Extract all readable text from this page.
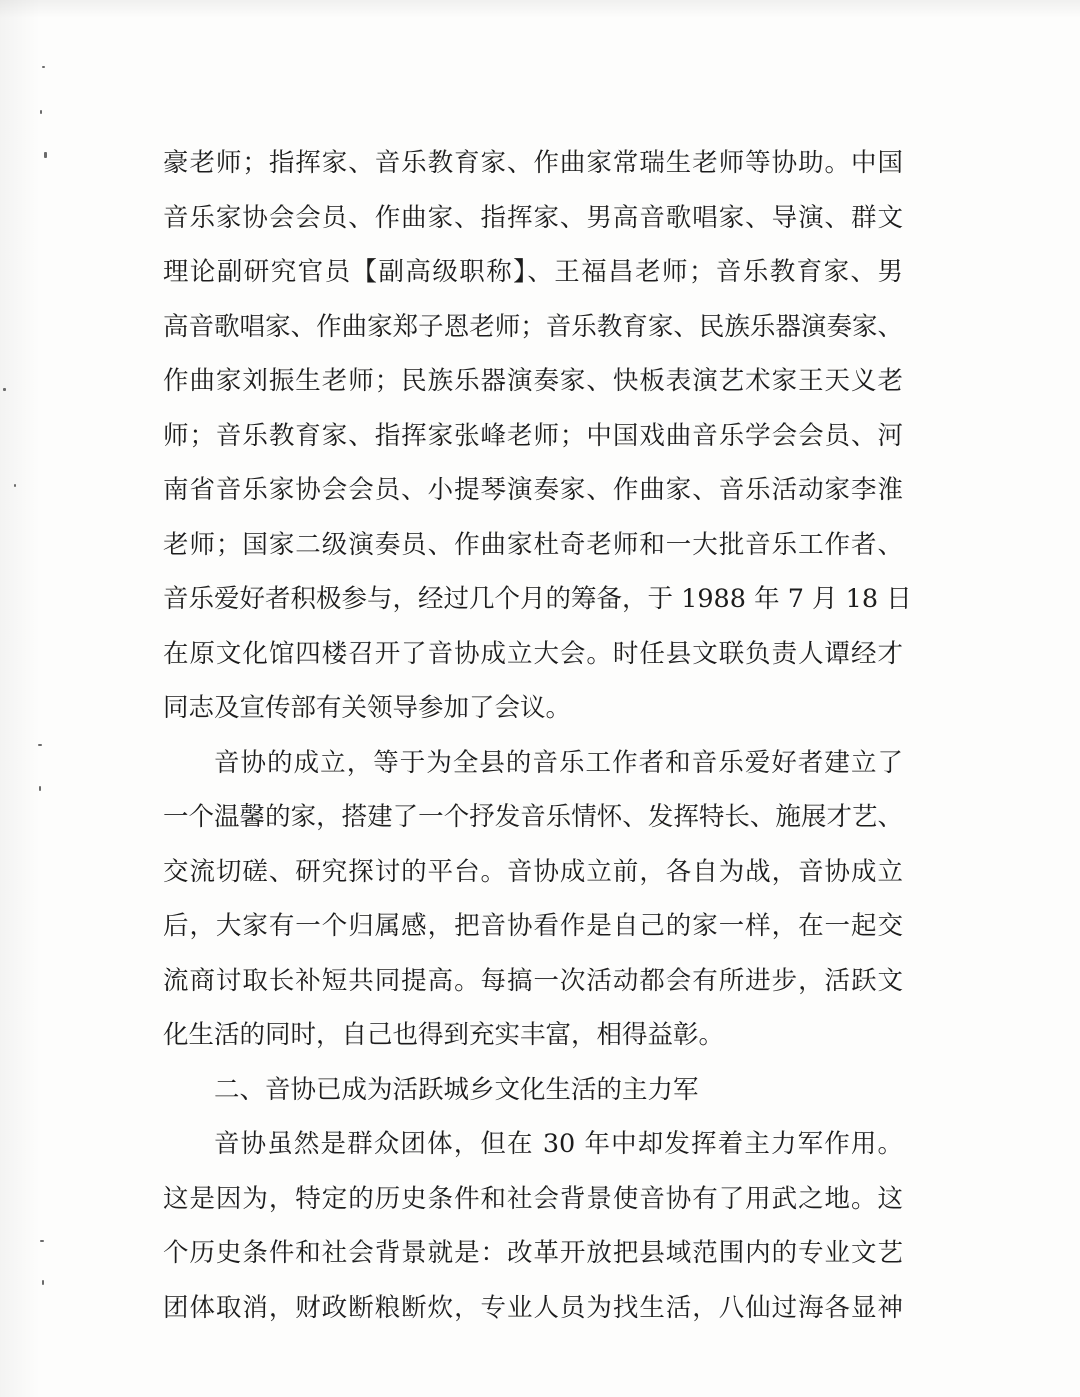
豪老师；指挥家、音乐教育家、作曲家常瑞生老师等协助。中国
音乐家协会会员、作曲家、指挥家、男高音歌唱家、导演、群文
理论副研究官员【副高级职称】、王福昌老师；音乐教育家、男
高音歌唱家、作曲家郑子恩老师；音乐教育家、民族乐器演奏家、
作曲家刘振生老师；民族乐器演奏家、快板表演艺术家王天义老
师；音乐教育家、指挥家张峰老师；中国戏曲音乐学会会员、河
南省音乐家协会会员、小提琴演奏家、作曲家、音乐活动家李淮
老师；国家二级演奏员、作曲家杜奇老师和一大批音乐工作者、
音乐爱好者积极参与，经过几个月的筹备，于 1988 年 7 月 18 日
在原文化馆四楼召开了音协成立大会。时任县文联负责人谭经才
同志及宣传部有关领导参加了会议。
音协的成立，等于为全县的音乐工作者和音乐爱好者建立了
一个温馨的家，搭建了一个抒发音乐情怀、发挥特长、施展才艺、
交流切磋、研究探讨的平台。音协成立前，各自为战，音协成立
后，大家有一个归属感，把音协看作是自己的家一样，在一起交
流商讨取长补短共同提高。每搞一次活动都会有所进步，活跃文
化生活的同时，自己也得到充实丰富，相得益彰。
二、音协已成为活跃城乡文化生活的主力军
音协虽然是群众团体，但在 30 年中却发挥着主力军作用。
这是因为，特定的历史条件和社会背景使音协有了用武之地。这
个历史条件和社会背景就是：改革开放把县域范围内的专业文艺
团体取消，财政断粮断炊，专业人员为找生活，八仙过海各显神
